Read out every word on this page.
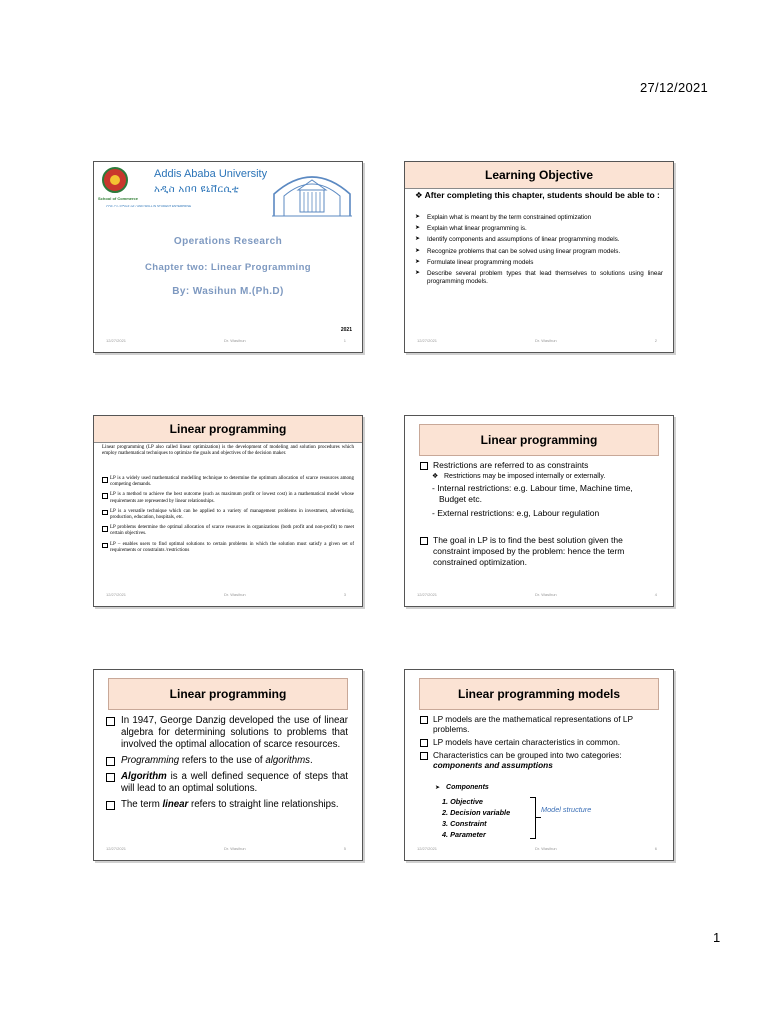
27/12/2021
Addis Ababa University
አዲስ አበባ ዩኒቨርሲቲ
School of Commerce
የንግድ ሥራ ትምህርት ቤት / AND SKILL IN STUDENT ENTERPRISE
Operations Research
Chapter two: Linear Programming
By: Wasihun M.(Ph.D)
2021
12/27/2021	Dr. Wasihun	1
Learning Objective
❖ After completing this chapter, students should be able to :
➤ Explain what is meant by the term constrained optimization
➤ Explain what linear programming is.
➤ Identify components and assumptions of linear programming models.
➤ Recognize problems that can be solved using linear program models.
➤ Formulate linear programming models
➤ Describe several problem types that lead themselves to solutions using linear programming models.
12/27/2021	Dr. Wasihun	2
Linear programming
Linear programming (LP also called linear optimization) is the development of modeling and solution procedures which employ mathematical techniques to optimize the goals and objectives of the decision maker.
LP is a widely used mathematical modelling technique to determine the optimum allocation of scarce resources among competing demands.
LP is a method to achieve the best outcome (such as maximum profit or lowest cost) in a mathematical model whose requirements are represented by linear relationships.
LP is a versatile technique which can be applied to a variety of management problems in investment, advertising, production, education, hospitals, etc.
LP problems determine the optimal allocation of scarce resources in organizations (both profit and non-profit) to meet certain objectives.
LP – enables users to find optimal solutions to certain problems in which the solution must satisfy a given set of requirements or constraints /restrictions
12/27/2021	Dr. Wasihun	3
Linear programming
Restrictions are referred to as constraints
❖ Restrictions may be imposed internally or externally.
- Internal restrictions: e.g. Labour time, Machine time, Budget etc.
- External restrictions: e.g, Labour regulation
The goal in LP is to find the best solution given the constraint imposed by the problem: hence the term constrained optimization.
12/27/2021	Dr. Wasihun	4
Linear programming
In 1947, George Danzig developed the use of linear algebra for determining solutions to problems that involved the optimal allocation of scarce resources.
Programming refers to the use of algorithms.
Algorithm is a well defined sequence of steps that will lead to an optimal solutions.
The term linear refers to straight line relationships.
12/27/2021	Dr. Wasihun	5
Linear programming models
LP models are the mathematical representations of LP problems.
LP models have certain characteristics in common.
Characteristics can be grouped into two categories: components and assumptions
➤ Components
1. Objective
2. Decision variable
3. Constraint
4. Parameter
Model structure
12/27/2021	Dr. Wasihun	6
1
